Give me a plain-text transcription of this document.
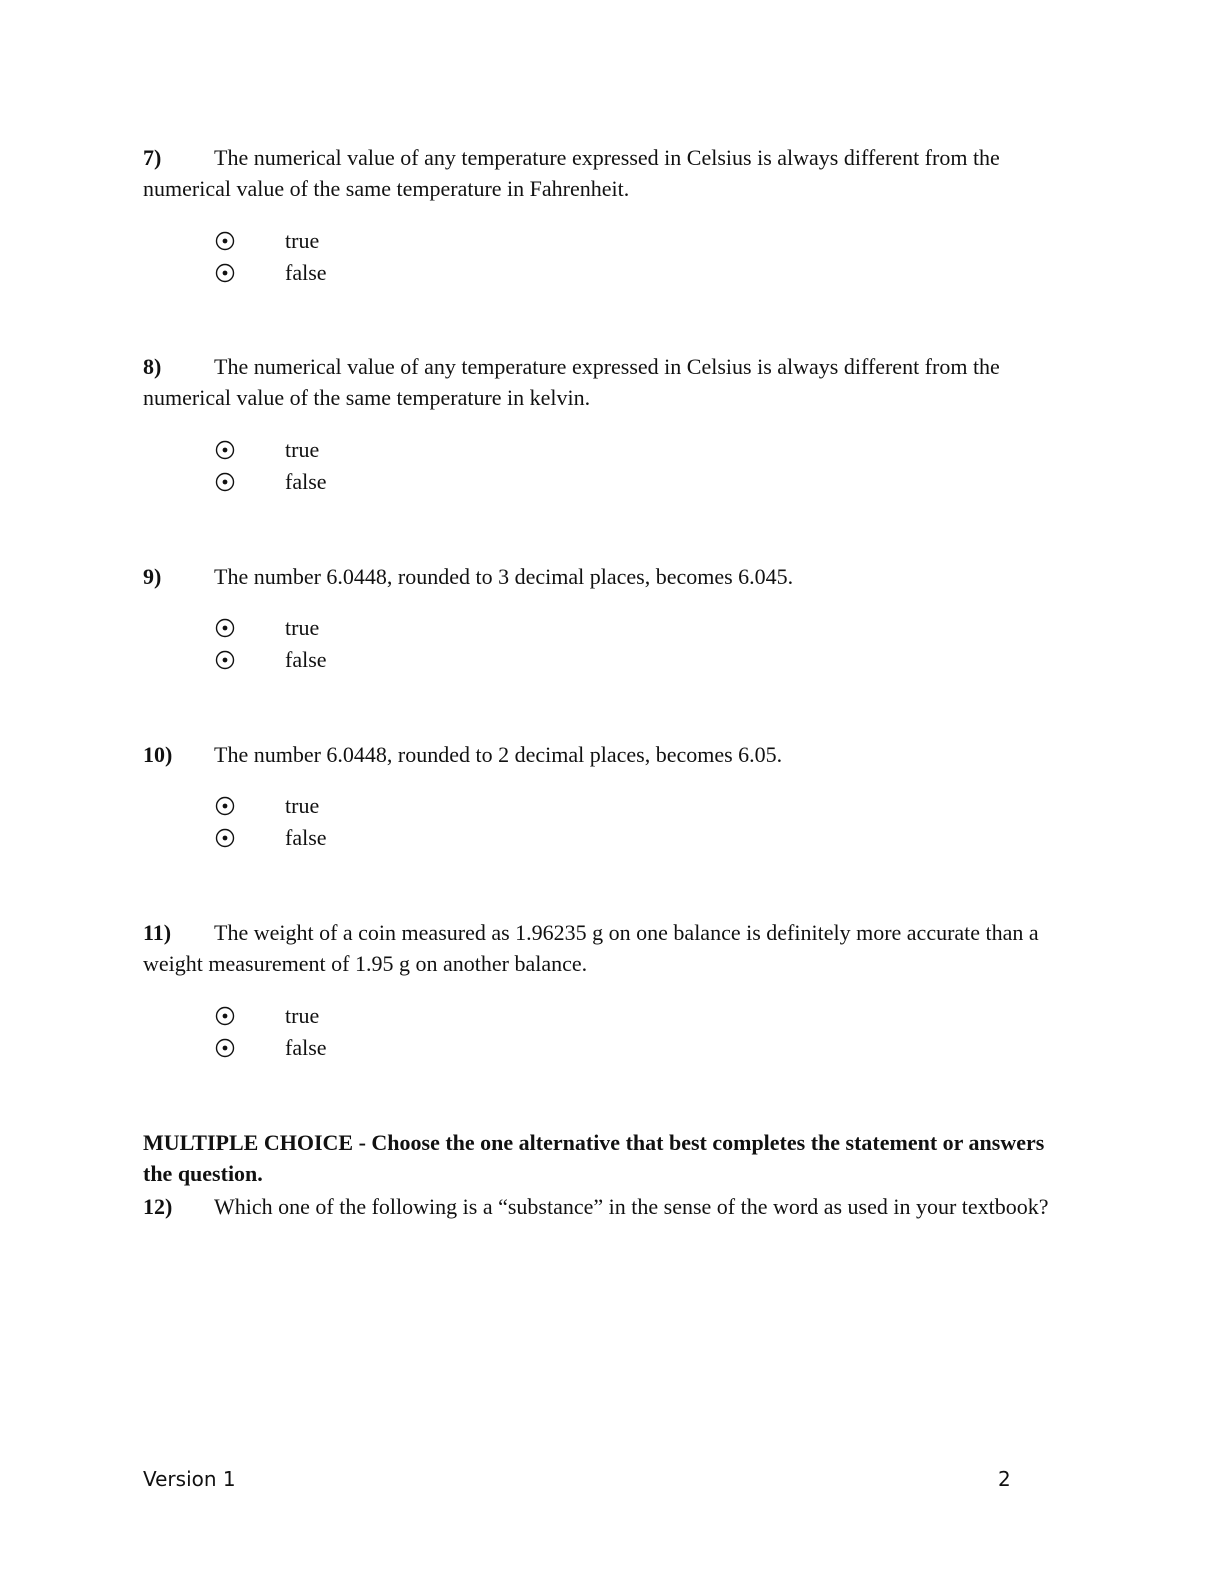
7) The numerical value of any temperature expressed in Celsius is always different from the numerical value of the same temperature in Fahrenheit.
true
false
8) The numerical value of any temperature expressed in Celsius is always different from the numerical value of the same temperature in kelvin.
true
false
9) The number 6.0448, rounded to 3 decimal places, becomes 6.045.
true
false
10) The number 6.0448, rounded to 2 decimal places, becomes 6.05.
true
false
11) The weight of a coin measured as 1.96235 g on one balance is definitely more accurate than a weight measurement of 1.95 g on another balance.
true
false
MULTIPLE CHOICE - Choose the one alternative that best completes the statement or answers the question.
12) Which one of the following is a “substance” in the sense of the word as used in your textbook?
Version 1	2
